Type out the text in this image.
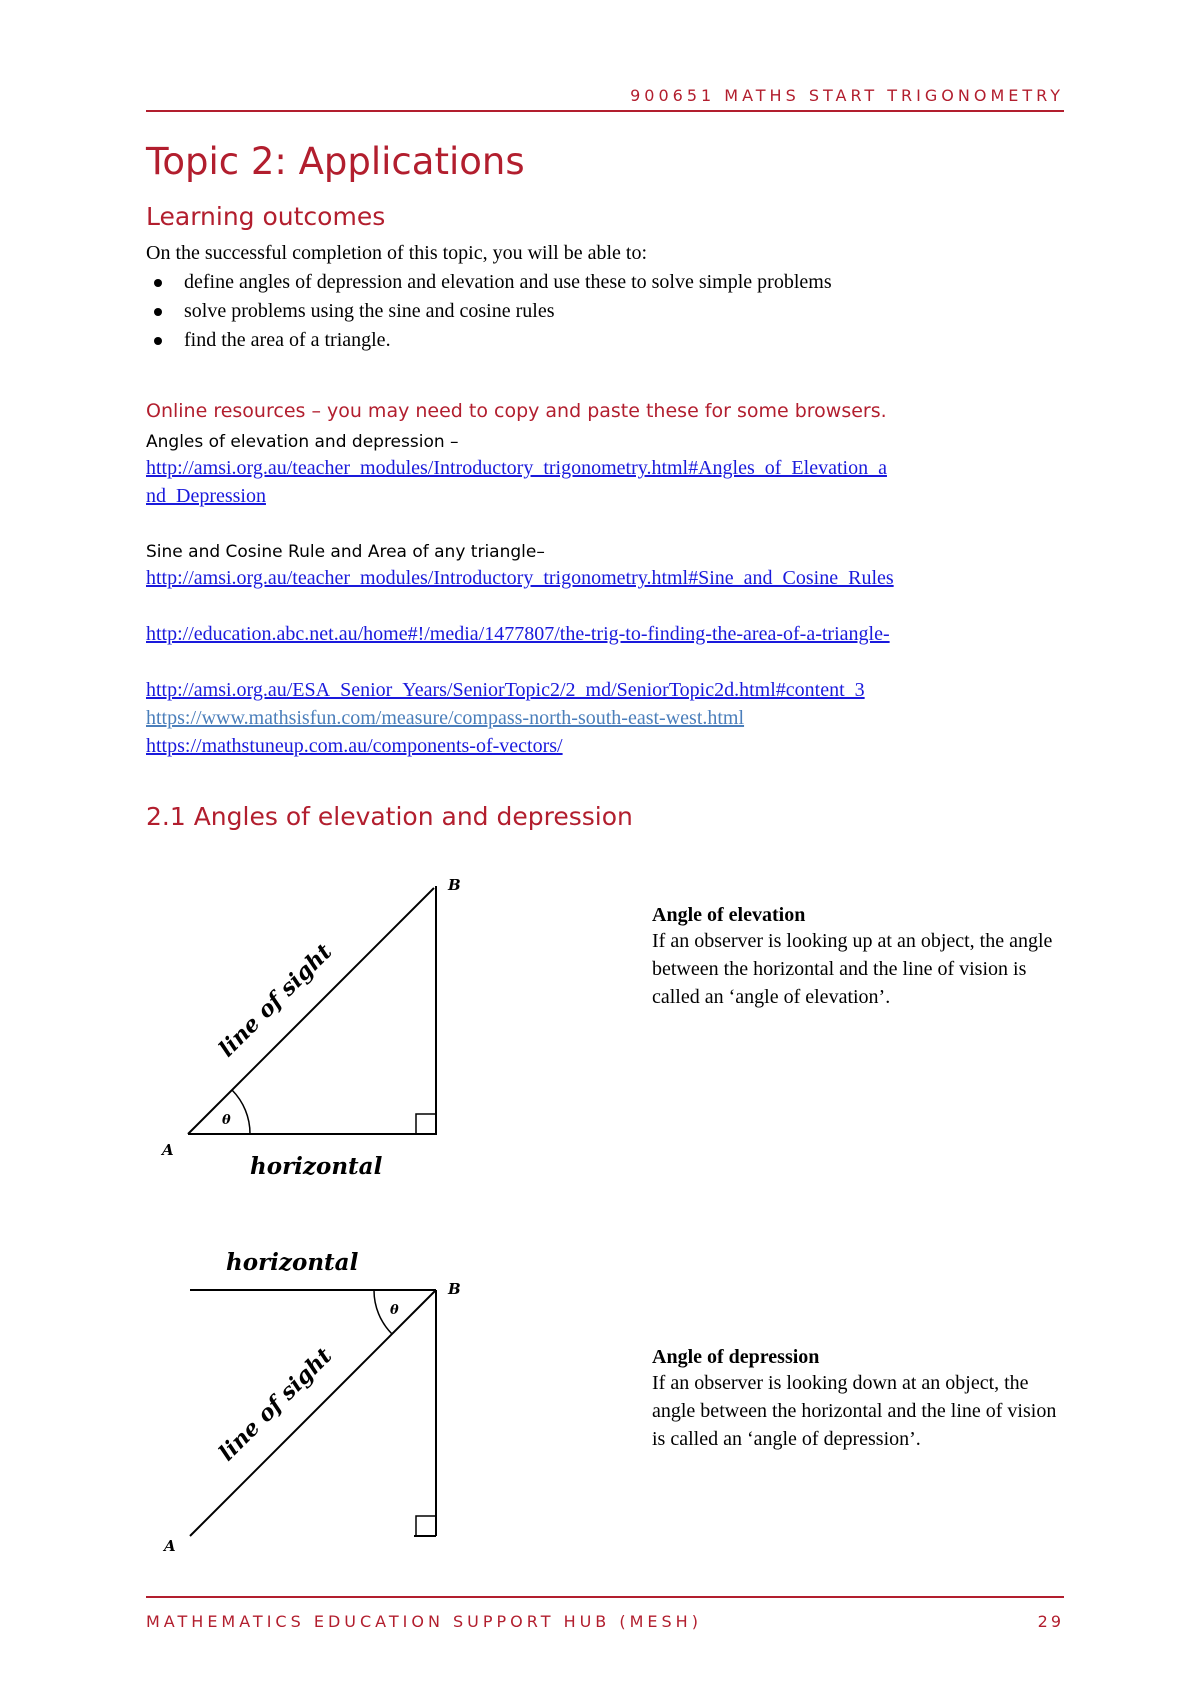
900651 MATHS START TRIGONOMETRY
Topic 2: Applications
Learning outcomes
On the successful completion of this topic, you will be able to:
define angles of depression and elevation and use these to solve simple problems
solve problems using the sine and cosine rules
find the area of a triangle.
Online resources – you may need to copy and paste these for some browsers.
Angles of elevation and depression –
http://amsi.org.au/teacher_modules/Introductory_trigonometry.html#Angles_of_Elevation_a
nd_Depression
Sine and Cosine Rule and Area of any triangle–
http://amsi.org.au/teacher_modules/Introductory_trigonometry.html#Sine_and_Cosine_Rules
http://education.abc.net.au/home#!/media/1477807/the-trig-to-finding-the-area-of-a-triangle-
http://amsi.org.au/ESA_Senior_Years/SeniorTopic2/2_md/SeniorTopic2d.html#content_3
https://www.mathsisfun.com/measure/compass-north-south-east-west.html
https://mathstuneup.com.au/components-of-vectors/
2.1 Angles of elevation and depression
θ
B
A
horizontal
line of sight
Angle of elevation
If an observer is looking up at an object, the angle between the horizontal and the line of vision is called an ‘angle of elevation’.
θ
B
A
horizontal
line of sight	Angle of depression
If an observer is looking down at an object, the angle between the horizontal and the line of vision is called an ‘angle of depression’.
MATHEMATICS EDUCATION SUPPORT HUB (MESH)	29
